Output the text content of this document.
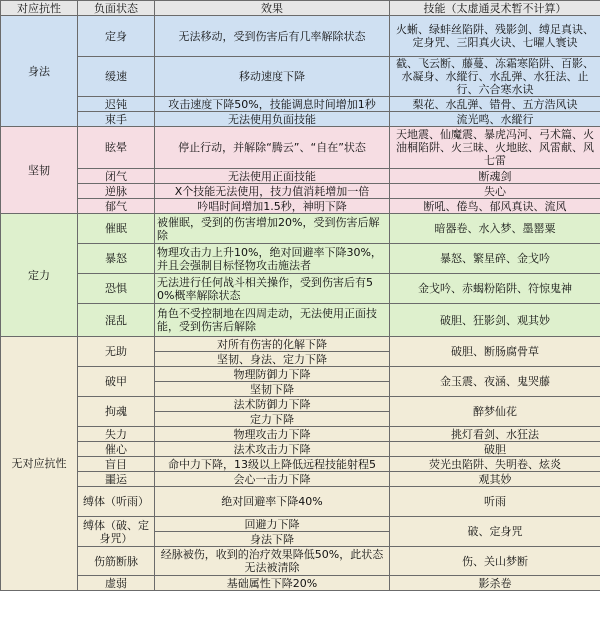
对应抗性	负面状态	效果	技能（太虚通灵术暂不计算）
身法	定身	无法移动，受到伤害后有几率解除状态	火蜥、绿蚌丝陷阱、残影剑、缚足真诀、定身咒、三阳真火诀、七曜人寰诀
	缓速	移动速度下降	截、飞云断、藤蔓、冻霜寒陷阱、百影、水凝身、水縱行、水乱弹、水狂法、止行、六合寒水诀
	迟钝	攻击速度下降50%，技能调息时间增加1秒	梨花、水乱弹、错骨、五方浩风诀
	束手	无法使用负面技能	流光鸣、水縱行
坚韧	眩晕	停止行动，并解除“腾云”、“自在”状态	天地震、仙魔震、暴虎冯河、弓术篇、火油桐陷阱、火三昧、火地眩、风雷献、风七雷
	闭气	无法使用正面技能	断魂剑
	逆脉	X个技能无法使用，技力值消耗增加一倍	失心
	郁气	吟唱时间增加1.5秒，神明下降	断吼、倦鸟、郁风真诀、流风
定力	催眠	被催眠，受到的伤害增加20%，受到伤害后解除	暗器卷、水入梦、墨罂粟
	暴怒	物理攻击力上升10%，绝对回避率下降30%，并且会强制目标怪物攻击施法者	暴怒、繁星碎、金戈吟
	恐惧	无法进行任何战斗相关操作，受到伤害后有50%概率解除状态	金戈吟、赤蝎粉陷阱、符惊鬼神
	混乱	角色不受控制地在四周走动，无法使用正面技能，受到伤害后解除	破胆、狂影剑、观其妙
无对应抗性	无助	对所有伤害的化解下降	破胆、断肠腐骨草
		坚韧、身法、定力下降	
	破甲	物理防御力下降	金玉震、夜涵、鬼哭藤
		坚韧下降	
	拘魂	法术防御力下降	醉梦仙花
		定力下降	
	失力	物理攻击力下降	挑灯看剑、水狂法
	催心	法术攻击力下降	破胆
	盲目	命中力下降，13级以上降低远程技能射程5	荧光虫陷阱、失明卷、炫炎
	噩运	会心一击力下降	观其妙
	缚体（听雨）	绝对回避率下降40%	听雨
	缚体（破、定身咒）	回避力下降	破、定身咒
		身法下降	
	伤筋断脉	经脉被伤，收到的治疗效果降低50%，此状态无法被清除	伤、关山梦断
	虚弱	基础属性下降20%	影杀卷
